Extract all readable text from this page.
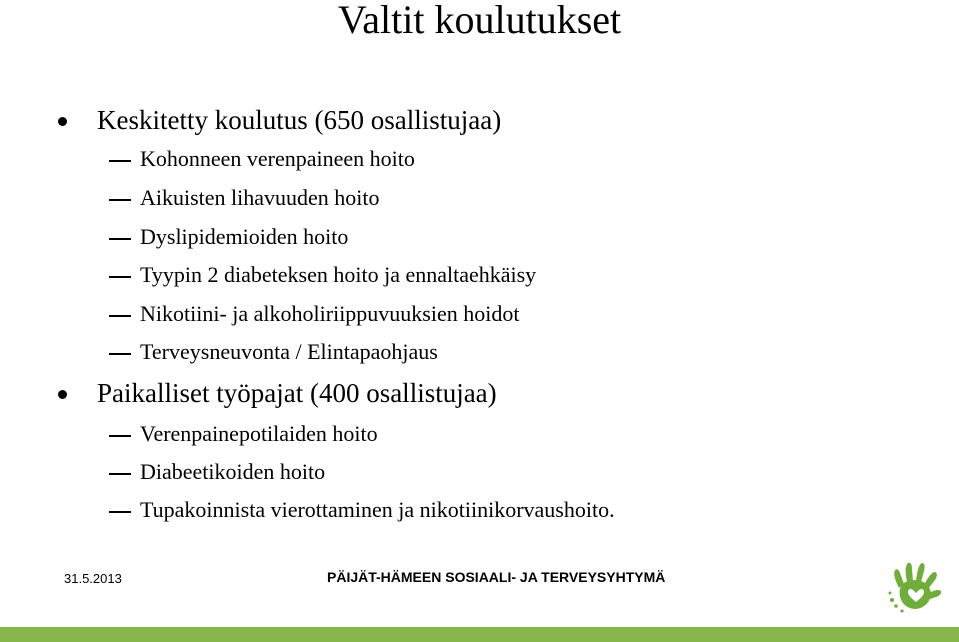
Valtit koulutukset
Keskitetty koulutus (650 osallistujaa)
Kohonneen verenpaineen hoito
Aikuisten lihavuuden hoito
Dyslipidemioiden hoito
Tyypin 2 diabeteksen hoito ja ennaltaehkäisy
Nikotiini- ja alkoholiriippuvuuksien hoidot
Terveysneuvonta / Elintapaohjaus
Paikalliset työpajat (400 osallistujaa)
Verenpainepotilaiden hoito
Diabeetikoiden hoito
Tupakoinnista vierottaminen ja nikotiinikorvaushoito.
31.5.2013	PÄIJÄT-HÄMEEN SOSIAALI- JA TERVEYSYHTYMÄ
